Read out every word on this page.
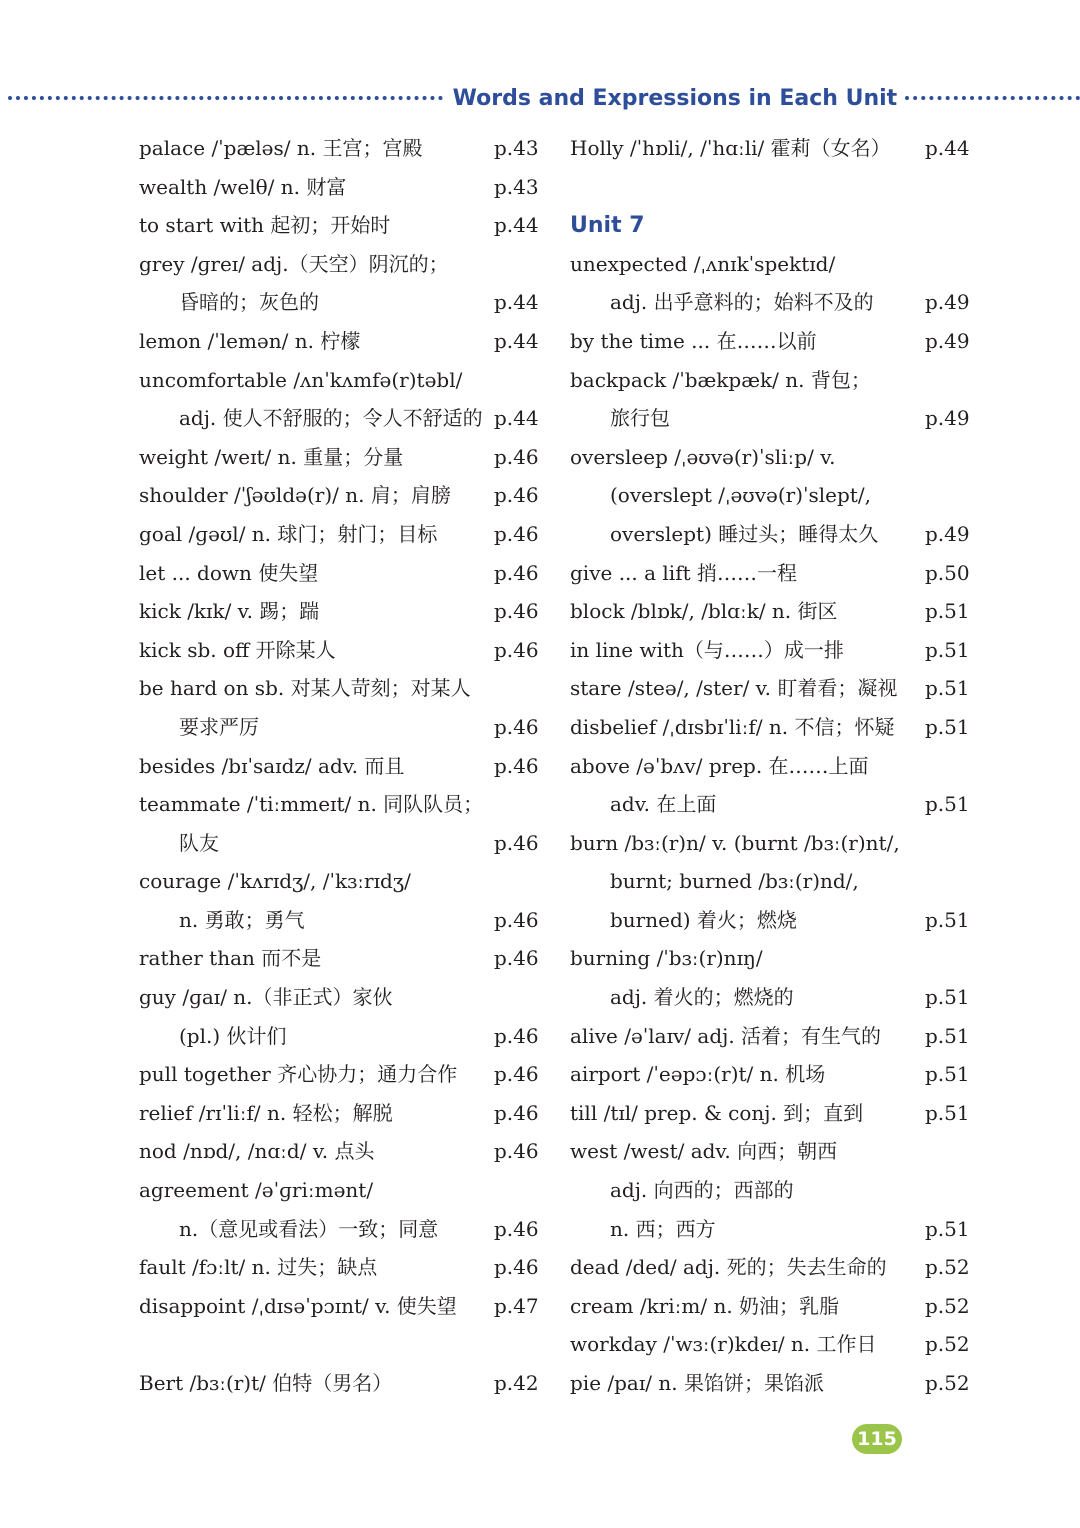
Words and Expressions in Each Unit
palace /ˈpæləs/ n. 王宫；宫殿	p.43
wealth /welθ/ n. 财富	p.43
to start with 起初；开始时	p.44
grey /ɡreɪ/ adj.（天空）阴沉的；
昏暗的；灰色的	p.44
lemon /ˈlemən/ n. 柠檬	p.44
uncomfortable /ʌnˈkʌmfə(r)təbl/
adj. 使人不舒服的；令人不舒适的 p.44
weight /weɪt/ n. 重量；分量	p.46
shoulder /ˈʃəʊldə(r)/ n. 肩；肩膀 p.46
goal /ɡəʊl/ n. 球门；射门；目标	p.46
let ... down 使失望	p.46
kick /kɪk/ v. 踢；踹	p.46
kick sb. off 开除某人	p.46
be hard on sb. 对某人苛刻；对某人
要求严厉	p.46
besides /bɪˈsaɪdz/ adv. 而且	p.46
teammate /ˈtiːmmeɪt/ n. 同队队员；
队友	p.46
courage /ˈkʌrɪdʒ/, /ˈkɜːrɪdʒ/
n. 勇敢；勇气	p.46
rather than 而不是	p.46
guy /ɡaɪ/ n.（非正式）家伙
(pl.) 伙计们	p.46
pull together 齐心协力；通力合作 p.46
relief /rɪˈliːf/ n. 轻松；解脱	p.46
nod /nɒd/, /nɑːd/ v. 点头	p.46
agreement /əˈɡriːmənt/
n.（意见或看法）一致；同意	p.46
fault /fɔːlt/ n. 过失；缺点	p.46
disappoint /ˌdɪsəˈpɔɪnt/ v. 使失望 p.47
Bert /bɜː(r)t/ 伯特（男名）	p.42
Holly /ˈhɒli/, /ˈhɑːli/ 霍莉（女名） p.44
Unit 7
unexpected /ˌʌnɪkˈspektɪd/
adj. 出乎意料的；始料不及的	p.49
by the time ... 在……以前	p.49
backpack /ˈbækpæk/ n. 背包；
旅行包	p.49
oversleep /ˌəʊvə(r)ˈsliːp/ v.
(overslept /ˌəʊvə(r)ˈslept/,
overslept) 睡过头；睡得太久 p.49
give ... a lift 捎……一程	p.50
block /blɒk/, /blɑːk/ n. 街区	p.51
in line with（与……）成一排	p.51
stare /steə/, /ster/ v. 盯着看；凝视 p.51
disbelief /ˌdɪsbɪˈliːf/ n. 不信；怀疑 p.51
above /əˈbʌv/ prep. 在……上面
adv. 在上面	p.51
burn /bɜː(r)n/ v. (burnt /bɜː(r)nt/,
burnt; burned /bɜː(r)nd/,
burned) 着火；燃烧	p.51
burning /ˈbɜː(r)nɪŋ/
adj. 着火的；燃烧的	p.51
alive /əˈlaɪv/ adj. 活着；有生气的 p.51
airport /ˈeəpɔː(r)t/ n. 机场	p.51
till /tɪl/ prep. & conj. 到；直到	p.51
west /west/ adv. 向西；朝西
adj. 向西的；西部的
n. 西；西方	p.51
dead /ded/ adj. 死的；失去生命的 p.52
cream /kriːm/ n. 奶油；乳脂	p.52
workday /ˈwɜː(r)kdeɪ/ n. 工作日 p.52
pie /paɪ/ n. 果馅饼；果馅派	p.52
115
